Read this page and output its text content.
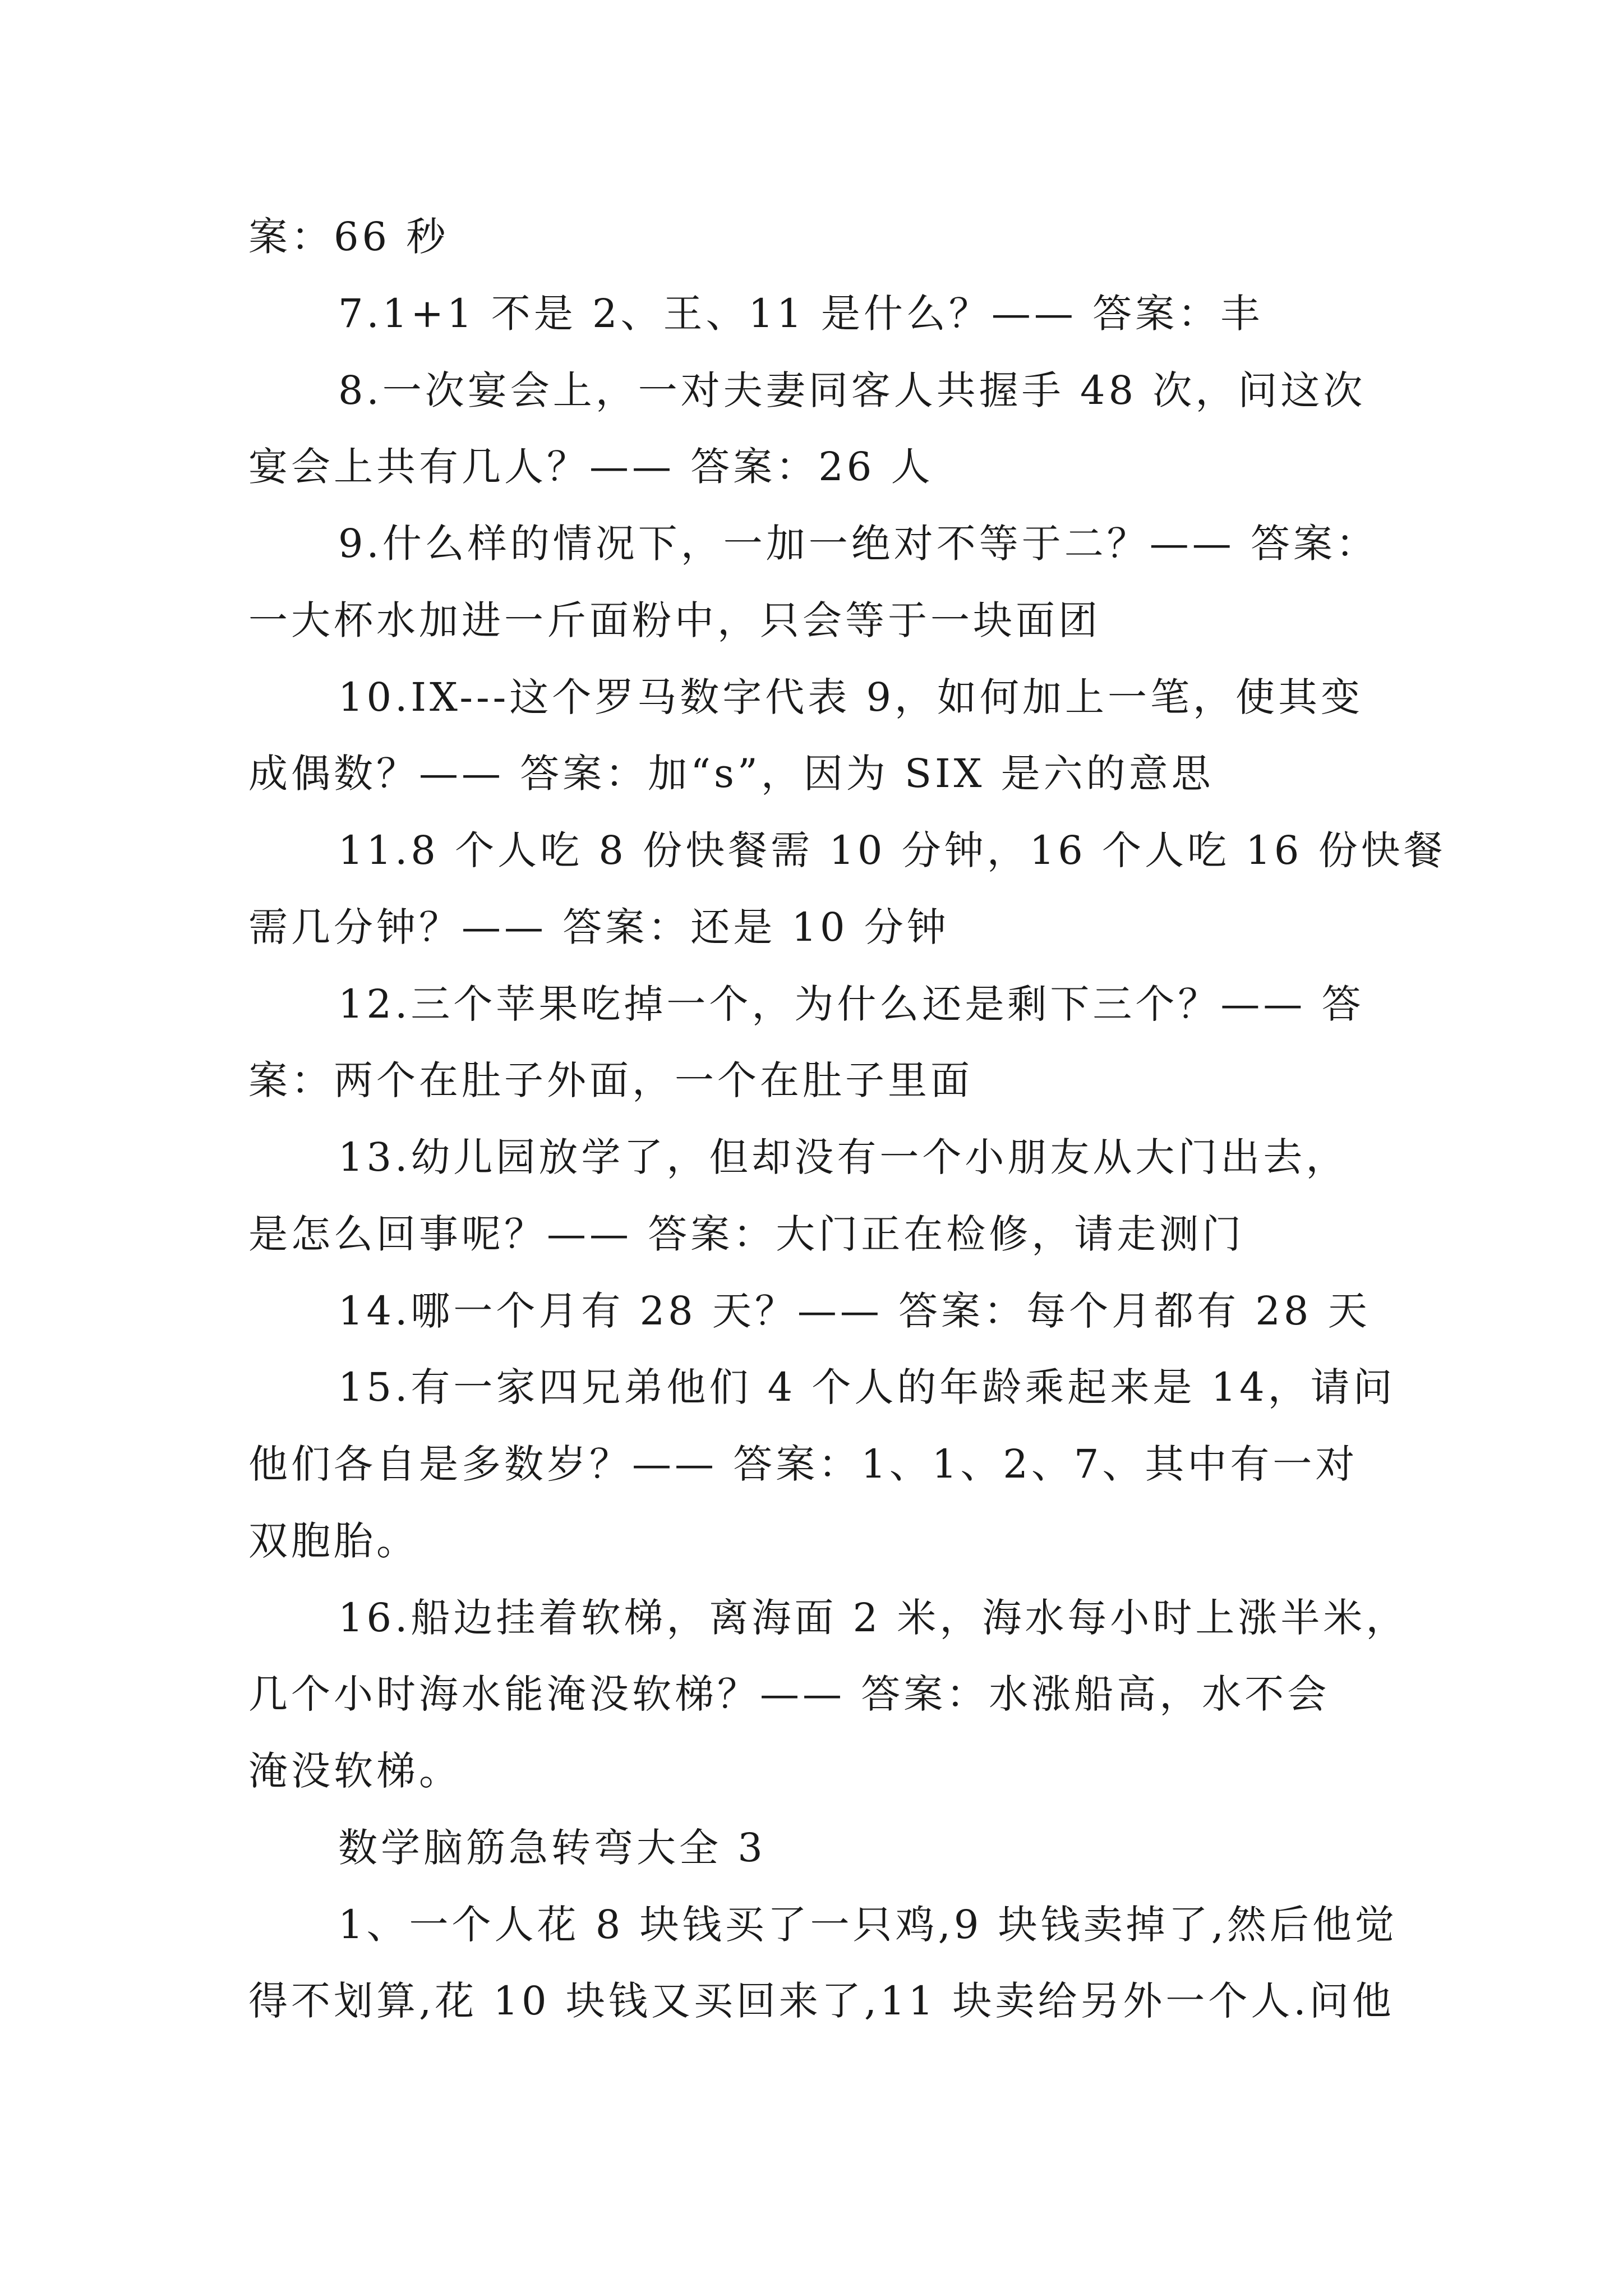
案：66 秒
7.1+1 不是 2、王、11 是什么？—— 答案：丰
8.一次宴会上，一对夫妻同客人共握手 48 次，问这次
宴会上共有几人？—— 答案：26 人
9.什么样的情况下，一加一绝对不等于二？—— 答案：
一大杯水加进一斤面粉中，只会等于一块面团
10.IX---这个罗马数字代表 9，如何加上一笔，使其变
成偶数？—— 答案：加“s”，因为 SIX 是六的意思
11.8 个人吃 8 份快餐需 10 分钟，16 个人吃 16 份快餐
需几分钟？—— 答案：还是 10 分钟
12.三个苹果吃掉一个，为什么还是剩下三个？—— 答
案：两个在肚子外面，一个在肚子里面
13.幼儿园放学了，但却没有一个小朋友从大门出去，
是怎么回事呢？—— 答案：大门正在检修，请走测门
14.哪一个月有 28 天？—— 答案：每个月都有 28 天
15.有一家四兄弟他们 4 个人的年龄乘起来是 14，请问
他们各自是多数岁？—— 答案：1、1、2、7、其中有一对
双胞胎。
16.船边挂着软梯，离海面 2 米，海水每小时上涨半米，
几个小时海水能淹没软梯？—— 答案：水涨船高，水不会
淹没软梯。
数学脑筋急转弯大全 3
1、一个人花 8 块钱买了一只鸡,9 块钱卖掉了,然后他觉
得不划算,花 10 块钱又买回来了,11 块卖给另外一个人.问他
